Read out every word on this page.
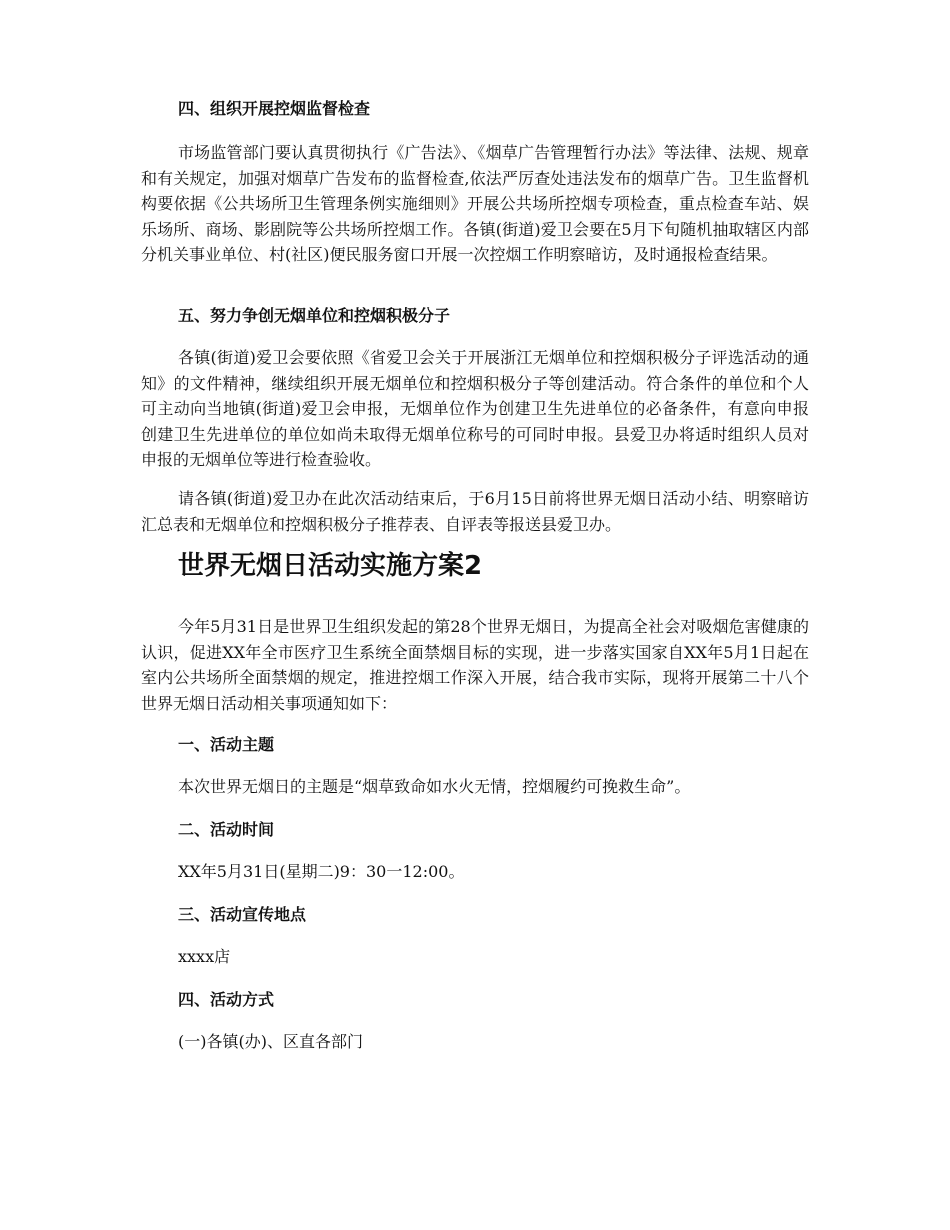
四、组织开展控烟监督检查

市场监管部门要认真贯彻执行《广告法》、《烟草广告管理暂行办法》等法律、法规、规章和有关规定，加强对烟草广告发布的监督检查,依法严厉查处违法发布的烟草广告。卫生监督机构要依据《公共场所卫生管理条例实施细则》开展公共场所控烟专项检查，重点检查车站、娱乐场所、商场、影剧院等公共场所控烟工作。各镇(街道)爱卫会要在5月下旬随机抽取辖区内部分机关事业单位、村(社区)便民服务窗口开展一次控烟工作明察暗访，及时通报检查结果。

五、努力争创无烟单位和控烟积极分子

各镇(街道)爱卫会要依照《省爱卫会关于开展浙江无烟单位和控烟积极分子评选活动的通知》的文件精神，继续组织开展无烟单位和控烟积极分子等创建活动。符合条件的单位和个人可主动向当地镇(街道)爱卫会申报，无烟单位作为创建卫生先进单位的必备条件，有意向申报创建卫生先进单位的单位如尚未取得无烟单位称号的可同时申报。县爱卫办将适时组织人员对申报的无烟单位等进行检查验收。

请各镇(街道)爱卫办在此次活动结束后，于6月15日前将世界无烟日活动小结、明察暗访汇总表和无烟单位和控烟积极分子推荐表、自评表等报送县爱卫办。

世界无烟日活动实施方案2

今年5月31日是世界卫生组织发起的第28个世界无烟日，为提高全社会对吸烟危害健康的认识，促进XX年全市医疗卫生系统全面禁烟目标的实现，进一步落实国家自XX年5月1日起在室内公共场所全面禁烟的规定，推进控烟工作深入开展，结合我市实际，现将开展第二十八个世界无烟日活动相关事项通知如下：

一、活动主题

本次世界无烟日的主题是“烟草致命如水火无情，控烟履约可挽救生命”。

二、活动时间

XX年5月31日(星期二)9：30一12:00。

三、活动宣传地点

xxxx店

四、活动方式

(一)各镇(办)、区直各部门
